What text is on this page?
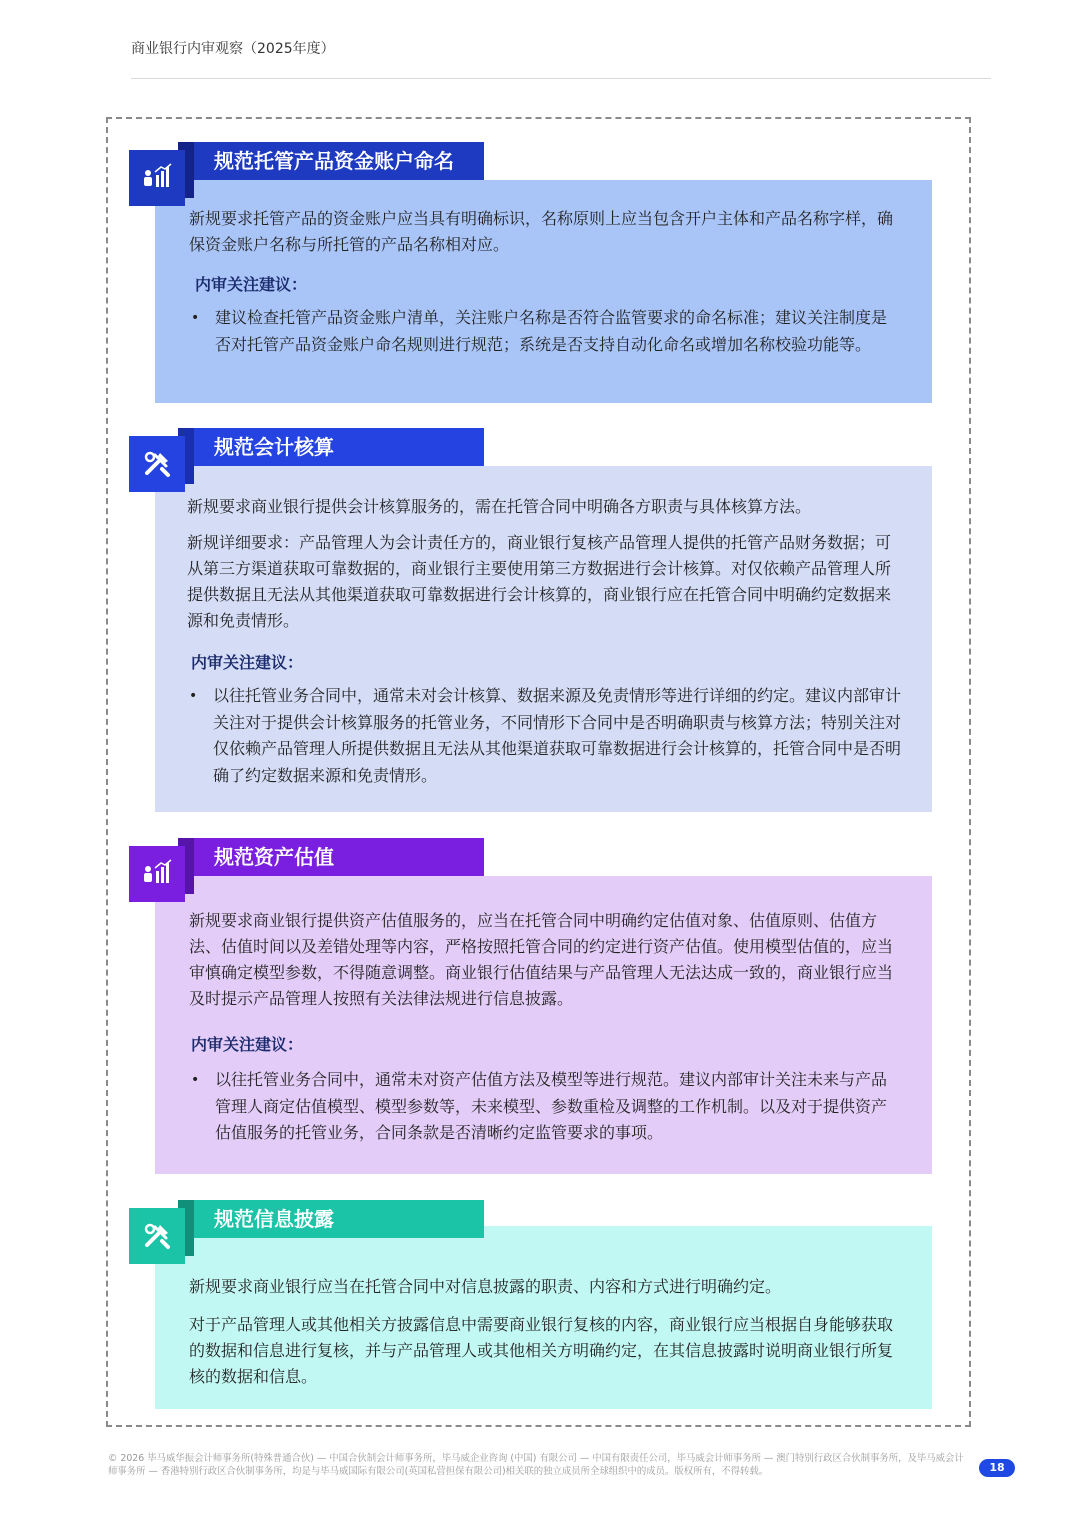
商业银行内审观察（2025年度）

新规要求托管产品的资金账户应当具有明确标识，名称原则上应当包含开户主体和产品名称字样，确保资金账户名称与所托管的产品名称相对应。

内审关注建议：

• 建议检查托管产品资金账户清单，关注账户名称是否符合监管要求的命名标准；建议关注制度是否对托管产品资金账户命名规则进行规范；系统是否支持自动化命名或增加名称校验功能等。
规范托管产品资金账户命名

新规要求商业银行提供会计核算服务的，需在托管合同中明确各方职责与具体核算方法。

新规详细要求：产品管理人为会计责任方的，商业银行复核产品管理人提供的托管产品财务数据；可从第三方渠道获取可靠数据的，商业银行主要使用第三方数据进行会计核算。对仅依赖产品管理人所提供数据且无法从其他渠道获取可靠数据进行会计核算的，商业银行应在托管合同中明确约定数据来源和免责情形。

内审关注建议：

• 以往托管业务合同中，通常未对会计核算、数据来源及免责情形等进行详细的约定。建议内部审计关注对于提供会计核算服务的托管业务，不同情形下合同中是否明确职责与核算方法；特别关注对仅依赖产品管理人所提供数据且无法从其他渠道获取可靠数据进行会计核算的，托管合同中是否明确了约定数据来源和免责情形。
规范会计核算

新规要求商业银行提供资产估值服务的，应当在托管合同中明确约定估值对象、估值原则、估值方法、估值时间以及差错处理等内容，严格按照托管合同的约定进行资产估值。使用模型估值的，应当审慎确定模型参数，不得随意调整。商业银行估值结果与产品管理人无法达成一致的，商业银行应当及时提示产品管理人按照有关法律法规进行信息披露。

内审关注建议：

• 以往托管业务合同中，通常未对资产估值方法及模型等进行规范。建议内部审计关注未来与产品管理人商定估值模型、模型参数等，未来模型、参数重检及调整的工作机制。以及对于提供资产估值服务的托管业务，合同条款是否清晰约定监管要求的事项。
规范资产估值

新规要求商业银行应当在托管合同中对信息披露的职责、内容和方式进行明确约定。

对于产品管理人或其他相关方披露信息中需要商业银行复核的内容，商业银行应当根据自身能够获取的数据和信息进行复核，并与产品管理人或其他相关方明确约定，在其信息披露时说明商业银行所复核的数据和信息。

规范信息披露
© 2026 毕马威华振会计师事务所(特殊普通合伙) — 中国合伙制会计师事务所，毕马威企业咨询 (中国) 有限公司 — 中国有限责任公司，毕马威会计师事务所 — 澳门特别行政区合伙制事务所，及毕马威会计师事务所 — 香港特别行政区合伙制事务所，均是与毕马威国际有限公司(英国私营担保有限公司)相关联的独立成员所全球组织中的成员。版权所有，不得转载。	18
